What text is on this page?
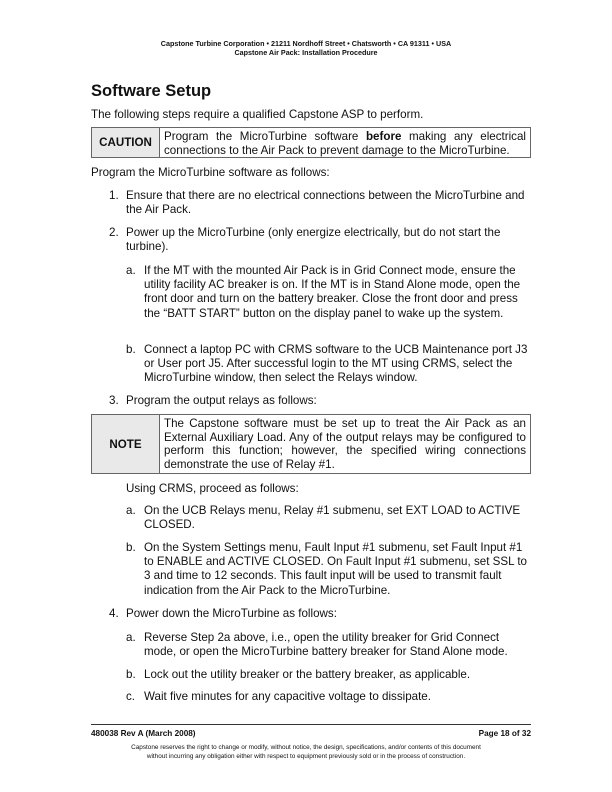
Capstone Turbine Corporation • 21211 Nordhoff Street • Chatsworth • CA 91311 • USA
Capstone Air Pack: Installation Procedure
Software Setup
The following steps require a qualified Capstone ASP to perform.
CAUTION	Program the MicroTurbine software before making any electrical connections to the Air Pack to prevent damage to the MicroTurbine.
Program the MicroTurbine software as follows:
1. Ensure that there are no electrical connections between the MicroTurbine and the Air Pack.
2. Power up the MicroTurbine (only energize electrically, but do not start the turbine).
a. If the MT with the mounted Air Pack is in Grid Connect mode, ensure the utility facility AC breaker is on. If the MT is in Stand Alone mode, open the front door and turn on the battery breaker. Close the front door and press the “BATT START” button on the display panel to wake up the system.
b. Connect a laptop PC with CRMS software to the UCB Maintenance port J3 or User port J5. After successful login to the MT using CRMS, select the MicroTurbine window, then select the Relays window.
3. Program the output relays as follows:
NOTE
The Capstone software must be set up to treat the Air Pack as an External Auxiliary Load. Any of the output relays may be configured to perform this function; however, the specified wiring connections demonstrate the use of Relay #1.
Using CRMS, proceed as follows:
a. On the UCB Relays menu, Relay #1 submenu, set EXT LOAD to ACTIVE CLOSED.
b. On the System Settings menu, Fault Input #1 submenu, set Fault Input #1 to ENABLE and ACTIVE CLOSED. On Fault Input #1 submenu, set SSL to 3 and time to 12 seconds. This fault input will be used to transmit fault indication from the Air Pack to the MicroTurbine.
4. Power down the MicroTurbine as follows:
a. Reverse Step 2a above, i.e., open the utility breaker for Grid Connect mode, or open the MicroTurbine battery breaker for Stand Alone mode.
b. Lock out the utility breaker or the battery breaker, as applicable.
c. Wait five minutes for any capacitive voltage to dissipate.
480038 Rev A (March 2008)	Page 18 of 32
Capstone reserves the right to change or modify, without notice, the design, specifications, and/or contents of this document
without incurring any obligation either with respect to equipment previously sold or in the process of construction.
